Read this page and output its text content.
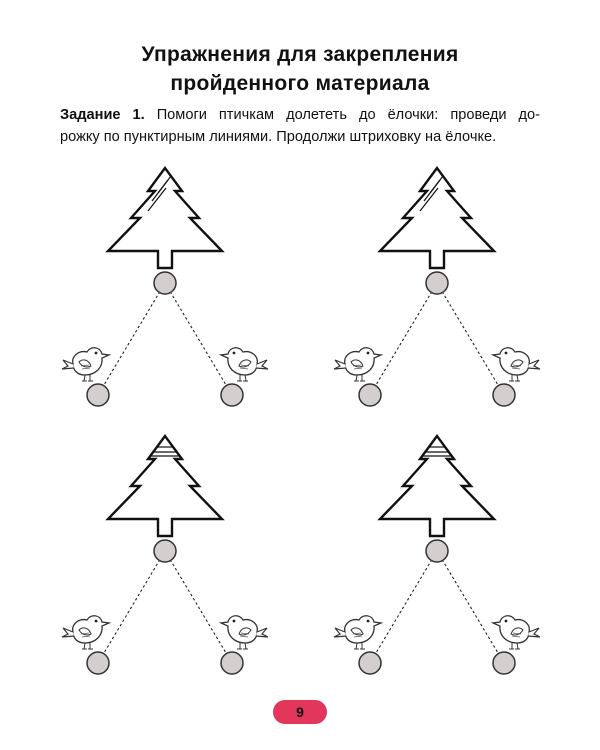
Упражнения для закрепления
пройденного материала
Задание 1. Помоги птичкам долететь до ёлочки: проведи до-
рожку по пунктирным линиями. Продолжи штриховку на ёлочке.
9
